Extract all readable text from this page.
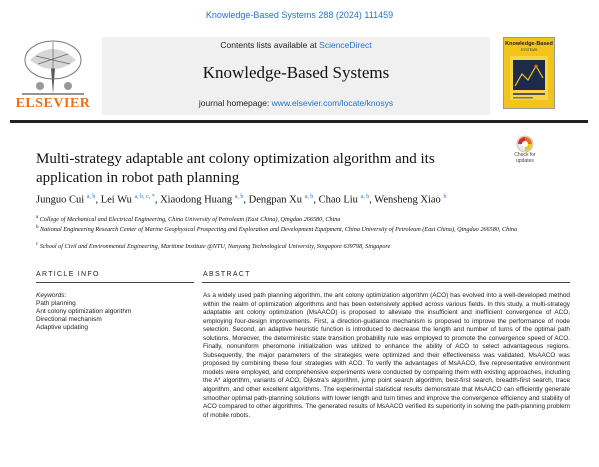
Knowledge-Based Systems 288 (2024) 111459
ELSEVIER
Contents lists available at ScienceDirect
Knowledge-Based Systems
journal homepage: www.elsevier.com/locate/knosys
Knowledge-Based
SYSTEMS
Multi-strategy adaptable ant colony optimization algorithm and its application in robot path planning
Check for
updates
Junguo Cui $^{a, b}$, Lei Wu $^{a, b, c, *}$, Xiaodong Huang $^{a, b}$, Dengpan Xu $^{a, b}$, Chao Liu $^{a, b}$, Wensheng Xiao $^b$
$^a$ College of Mechanical and Electrical Engineering, China University of Petroleum (East China), Qingdao 266580, China
$^b$ National Engineering Research Center of Marine Geophysical Prospecting and Exploration and Development Equipment, China University of Petroleum (East China), Qingdao 266580, China
$^c$ School of Civil and Environmental Engineering, Maritime Institute @NTU, Nanyang Technological University, Singapore 639798, Singapore
ARTICLE INFO	ABSTRACT
Keywords:
Path planning
Ant colony optimization algorithm
Directional mechanism
Adaptive updating
As a widely used path planning algorithm, the ant colony optimization algorithm (ACO) has evolved into a well-developed method within the realm of optimization algorithms and has been extensively applied across various fields. In this study, a multi-strategy adaptable ant colony optimization (MsAACO) is proposed to alleviate the insufficient and inefficient convergence of ACO, employing four-design improvements. First, a direction-guidance mechanism is proposed to improve the performance of node selection. Second, an adaptive heuristic function is introduced to decrease the length and number of turns of the optimal path solutions. Moreover, the deterministic state transition probability rule was employed to promote the convergence speed of ACO. Finally, nonuniform pheromone initialization was utilized to enhance the ability of ACO to select advantageous regions. Subsequently, the major parameters of the strategies were optimized and their effectiveness was validated. MsAACO was proposed by combining these four strategies with ACO. To verify the advantages of MsAACO, five representative environment models were employed, and comprehensive experiments were conducted by comparing them with existing approaches, including the A* algorithm, variants of ACO, Dijkstra's algorithm, jump point search algorithm, best-first search, breadth-first search, trace algorithm, and other excellent algorithms. The experimental statistical results demonstrate that MsAACO can efficiently generate smoother optimal path-planning solutions with lower length and turn times and improve the convergence efficiency and stability of ACO compared to other algorithms. The generated results of MsAACO verified its superiority in solving the path-planning problem of mobile robots.
